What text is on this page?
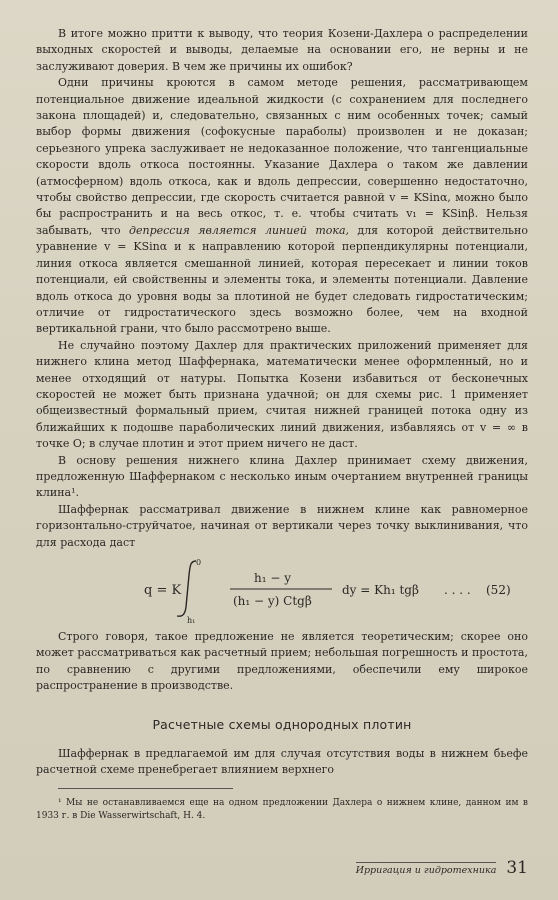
В итоге можно притти к выводу, что теория Козени-Дахлера о распределении выходных скоростей и выводы, делаемые на основании его, не верны и не заслуживают доверия. В чем же причины их ошибок?

Одни причины кроются в самом методе решения, рассматривающем потенциальное движение идеальной жидкости (с сохранением для последнего закона площадей) и, следовательно, связанных с ним особенных точек; самый выбор формы движения (софокусные параболы) произволен и не доказан; серьезного упрека заслуживает не недоказанное положение, что тангенциальные скорости вдоль откоса постоянны. Указание Дахлера о таком же давлении (атмосферном) вдоль откоса, как и вдоль депрессии, совершенно недостаточно, чтобы свойство депрессии, где скорость считается равной v = KSinα, можно было бы распространить и на весь откос, т. е. чтобы считать v₁ = KSinβ. Нельзя забывать, что депрессия является линией тока, для которой действительно уравнение v = KSinα и к направлению которой перпендикулярны потенциали, линия откоса является смешанной линией, которая пересекает и линии токов потенциали, ей свойственны и элементы тока, и элементы потенциали. Давление вдоль откоса до уровня воды за плотиной не будет следовать гидростатическим; отличие от гидростатического здесь возможно более, чем на входной вертикальной грани, что было рассмотрено выше.

Не случайно поэтому Дахлер для практических приложений применяет для нижнего клина метод Шаффернака, математически менее оформленный, но и менее отходящий от натуры. Попытка Козени избавиться от бесконечных скоростей не может быть признана удачной; он для схемы рис. 1 применяет общеизвестный формальный прием, считая нижней границей потока одну из ближайших к подошве параболических линий движения, избавляясь от v = ∞ в точке O; в случае плотин и этот прием ничего не даст.

В основу решения нижнего клина Дахлер принимает схему движения, предложенную Шаффернаком с несколько иным очертанием внутренней границы клина¹.

Шаффернак рассматривал движение в нижнем клине как равномерное горизонтально-струйчатое, начиная от вертикали через точку выклинивания, что для расхода даст

q = K
0
h₁
h₁ − y
(h₁ − y) Ctgβ
dy = Kh₁ tgβ . . . . (52)

Строго говоря, такое предложение не является теоретическим; скорее оно может рассматриваться как расчетный прием; небольшая погрешность и простота, по сравнению с другими предложениями, обеспечили ему широкое распространение в производстве.

Расчетные схемы однородных плотин

Шаффернак в предлагаемой им для случая отсутствия воды в нижнем бьефе расчетной схеме пренебрегает влиянием верхнего

¹ Мы не останавливаемся еще на одном предложении Дахлера о нижнем клине, данном им в 1933 г. в Die Wasserwirtschaft, H. 4.

Ирригация и гидротехника 31
